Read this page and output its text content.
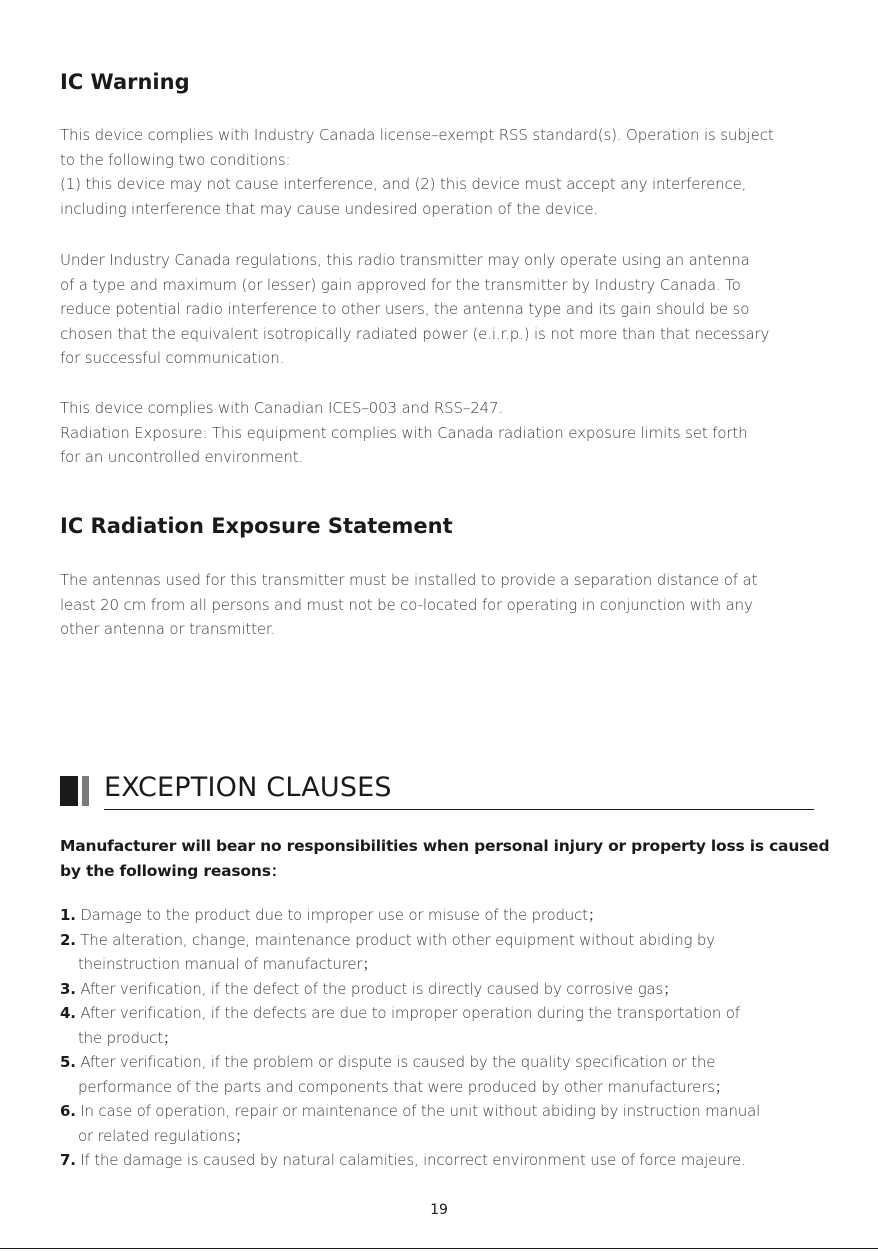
IC Warning
This device complies with Industry Canada license–exempt RSS standard(s). Operation is subject
to the following two conditions:
(1) this device may not cause interference, and (2) this device must accept any interference,
including interference that may cause undesired operation of the device.
Under Industry Canada regulations, this radio transmitter may only operate using an antenna
of a type and maximum (or lesser) gain approved for the transmitter by Industry Canada. To
reduce potential radio interference to other users, the antenna type and its gain should be so
chosen that the equivalent isotropically radiated power (e.i.r.p.) is not more than that necessary
for successful communication.
This device complies with Canadian ICES–003 and RSS–247.
Radiation Exposure: This equipment complies with Canada radiation exposure limits set forth
for an uncontrolled environment.
IC Radiation Exposure Statement
The antennas used for this transmitter must be installed to provide a separation distance of at
least 20 cm from all persons and must not be co-located for operating in conjunction with any
other antenna or transmitter.
EXCEPTION CLAUSES
Manufacturer will bear no responsibilities when personal injury or property loss is caused
by the following reasons：
1. Damage to the product due to improper use or misuse of the product；
2. The alteration, change, maintenance product with other equipment without abiding by
theinstruction manual of manufacturer；
3. After verification, if the defect of the product is directly caused by corrosive gas；
4. After verification, if the defects are due to improper operation during the transportation of
the product；
5. After verification, if the problem or dispute is caused by the quality specification or the
performance of the parts and components that were produced by other manufacturers；
6. In case of operation, repair or maintenance of the unit without abiding by instruction manual
or related regulations；
7. If the damage is caused by natural calamities, incorrect environment use of force majeure.
19
